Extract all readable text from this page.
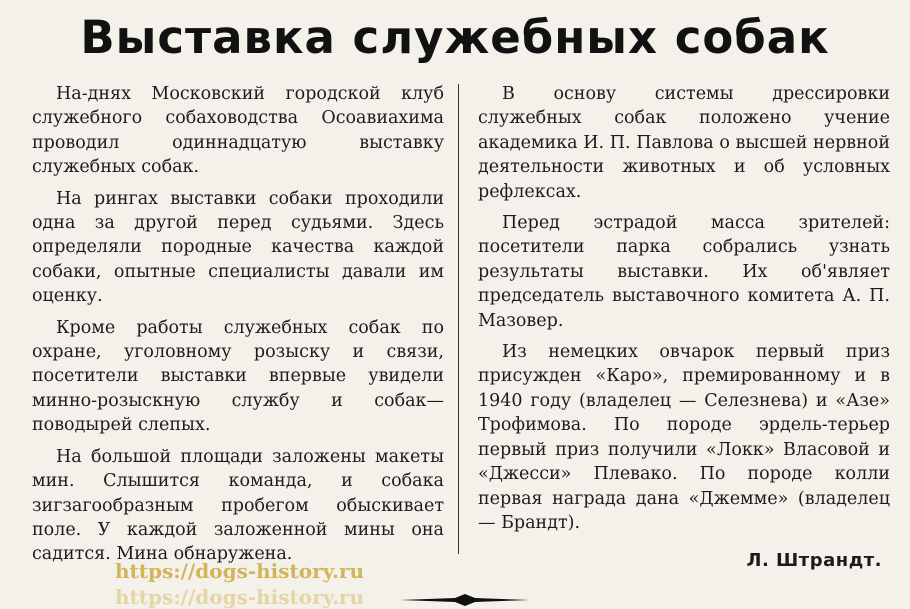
Выставка служебных собак

На-днях Московский городской клуб служебного собаховодства Осоавиахима проводил одиннадцатую выставку служебных собак.

На рингах выставки собаки проходили одна за другой перед судьями. Здесь определяли породные качества каждой собаки, опытные специалисты давали им оценку.

Кроме работы служебных собак по охране, уголовному розыску и связи, посетители выставки впервые увидели минно-розыскную службу и собак—поводырей слепых.

На большой площади заложены макеты мин. Слышится команда, и собака зигзагообразным пробегом обыскивает поле. У каждой заложенной мины она садится. Мина обнаружена.

В основу системы дрессировки служебных собак положено учение академика И. П. Павлова о высшей нервной деятельности животных и об условных рефлексах.

Перед эстрадой масса зрителей: посетители парка собрались узнать результаты выставки. Их об'являет председатель выставочного комитета А. П. Мазовер.

Из немецких овчарок первый приз присужден «Каро», премированному и в 1940 году (владелец — Селезнева) и «Азе» Трофимова. По породе эрдель-терьер первый приз получили «Локк» Власовой и «Джесси» Плевако. По породе колли первая награда дана «Джемме» (владелец— Брандт).

Л. Штрандт.
https://dogs-history.ru
https://dogs-history.ru
